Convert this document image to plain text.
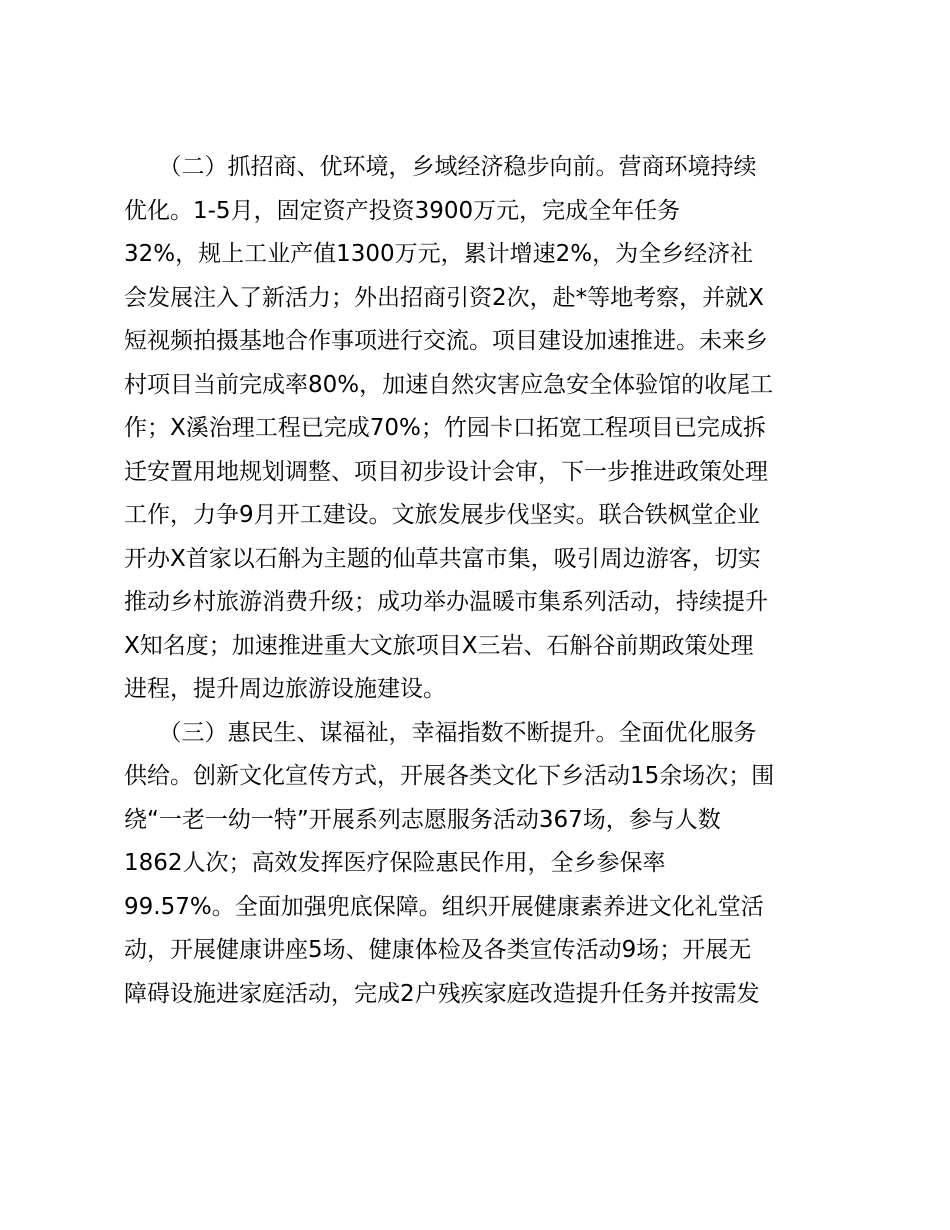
　　（二）抓招商、优环境，乡域经济稳步向前。营商环境持续
优化。1-5月，固定资产投资3900万元，完成全年任务
32%，规上工业产值1300万元，累计增速2%，为全乡经济社
会发展注入了新活力；外出招商引资2次，赴*等地考察，并就X
短视频拍摄基地合作事项进行交流。项目建设加速推进。未来乡
村项目当前完成率80%，加速自然灾害应急安全体验馆的收尾工
作；X溪治理工程已完成70%；竹园卡口拓宽工程项目已完成拆
迁安置用地规划调整、项目初步设计会审，下一步推进政策处理
工作，力争9月开工建设。文旅发展步伐坚实。联合铁枫堂企业
开办X首家以石斛为主题的仙草共富市集，吸引周边游客，切实
推动乡村旅游消费升级；成功举办温暖市集系列活动，持续提升
X知名度；加速推进重大文旅项目X三岩、石斛谷前期政策处理
进程，提升周边旅游设施建设。
　　（三）惠民生、谋福祉，幸福指数不断提升。全面优化服务
供给。创新文化宣传方式，开展各类文化下乡活动15余场次；围
绕“一老一幼一特”开展系列志愿服务活动367场，参与人数
1862人次；高效发挥医疗保险惠民作用，全乡参保率
99.57%。全面加强兜底保障。组织开展健康素养进文化礼堂活
动，开展健康讲座5场、健康体检及各类宣传活动9场；开展无
障碍设施进家庭活动，完成2户残疾家庭改造提升任务并按需发
